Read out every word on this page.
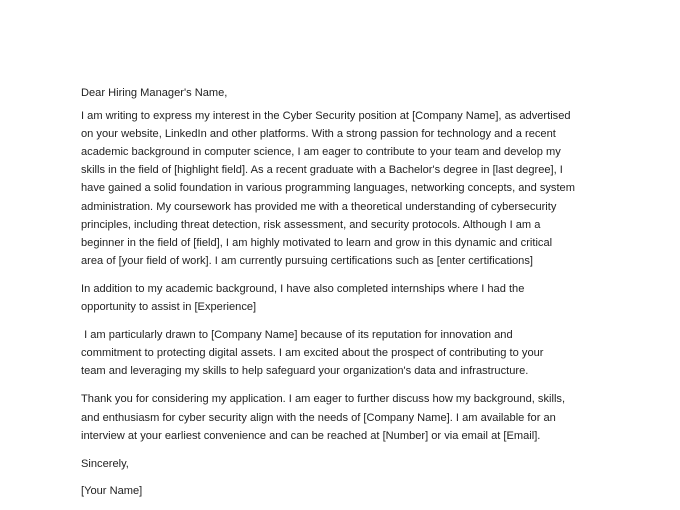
Dear Hiring Manager's Name,

I am writing to express my interest in the Cyber Security position at [Company Name], as advertised
on your website, LinkedIn and other platforms. With a strong passion for technology and a recent
academic background in computer science, I am eager to contribute to your team and develop my
skills in the field of [highlight field]. As a recent graduate with a Bachelor's degree in [last degree], I
have gained a solid foundation in various programming languages, networking concepts, and system
administration. My coursework has provided me with a theoretical understanding of cybersecurity
principles, including threat detection, risk assessment, and security protocols. Although I am a
beginner in the field of [field], I am highly motivated to learn and grow in this dynamic and critical
area of [your field of work]. I am currently pursuing certifications such as [enter certifications]

In addition to my academic background, I have also completed internships where I had the
opportunity to assist in [Experience]

I am particularly drawn to [Company Name] because of its reputation for innovation and
commitment to protecting digital assets. I am excited about the prospect of contributing to your
team and leveraging my skills to help safeguard your organization's data and infrastructure.

Thank you for considering my application. I am eager to further discuss how my background, skills,
and enthusiasm for cyber security align with the needs of [Company Name]. I am available for an
interview at your earliest convenience and can be reached at [Number] or via email at [Email].

Sincerely,

[Your Name]
